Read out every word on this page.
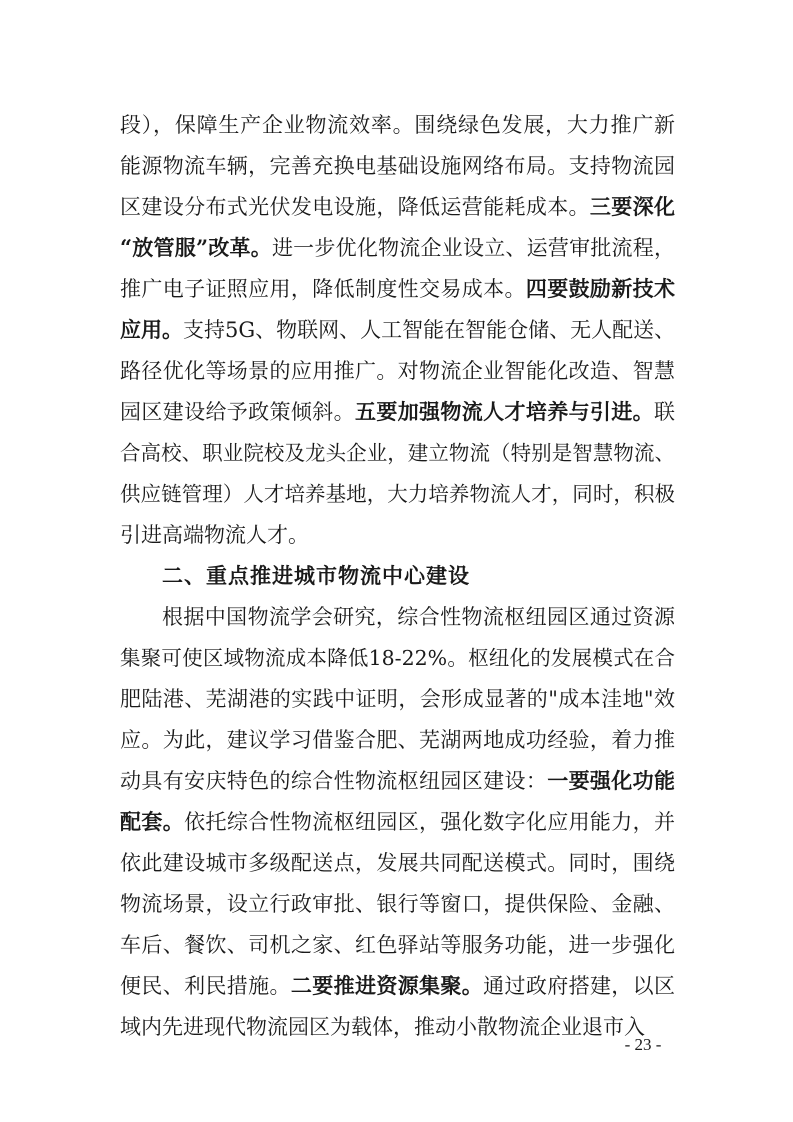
段），保障生产企业物流效率。围绕绿色发展，大力推广新
能源物流车辆，完善充换电基础设施网络布局。支持物流园
区建设分布式光伏发电设施，降低运营能耗成本。三要深化
“放管服”改革。进一步优化物流企业设立、运营审批流程，
推广电子证照应用，降低制度性交易成本。四要鼓励新技术
应用。支持5G、物联网、人工智能在智能仓储、无人配送、
路径优化等场景的应用推广。对物流企业智能化改造、智慧
园区建设给予政策倾斜。五要加强物流人才培养与引进。联
合高校、职业院校及龙头企业，建立物流（特别是智慧物流、
供应链管理）人才培养基地，大力培养物流人才，同时，积极
引进高端物流人才。
二、重点推进城市物流中心建设
根据中国物流学会研究，综合性物流枢纽园区通过资源
集聚可使区域物流成本降低18-22%。枢纽化的发展模式在合
肥陆港、芜湖港的实践中证明，会形成显著的"成本洼地"效
应。为此，建议学习借鉴合肥、芜湖两地成功经验，着力推
动具有安庆特色的综合性物流枢纽园区建设：一要强化功能
配套。依托综合性物流枢纽园区，强化数字化应用能力，并
依此建设城市多级配送点，发展共同配送模式。同时，围绕
物流场景，设立行政审批、银行等窗口，提供保险、金融、
车后、餐饮、司机之家、红色驿站等服务功能，进一步强化
便民、利民措施。二要推进资源集聚。通过政府搭建，以区
域内先进现代物流园区为载体，推动小散物流企业退市入
- 23 -
